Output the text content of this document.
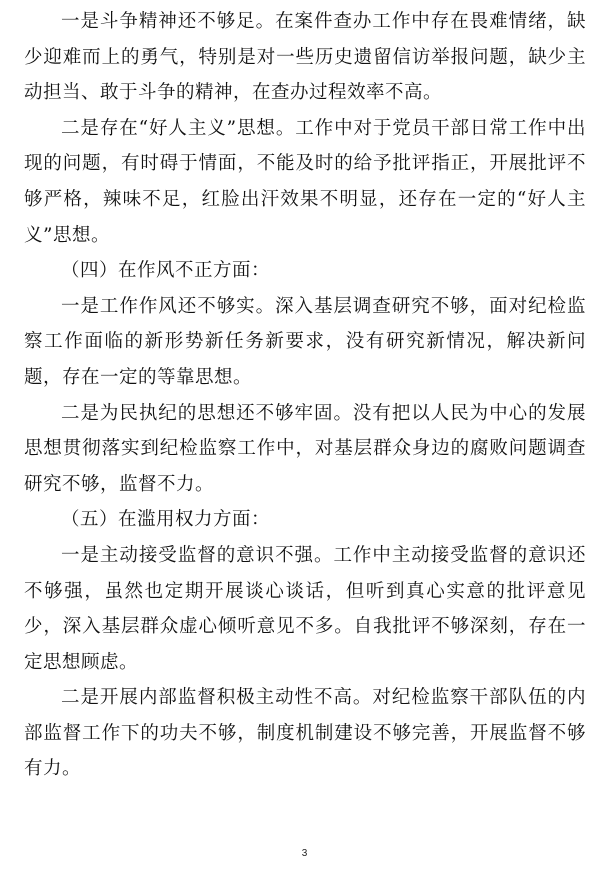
一是斗争精神还不够足。在案件查办工作中存在畏难情绪，缺少迎难而上的勇气，特别是对一些历史遗留信访举报问题，缺少主动担当、敢于斗争的精神，在查办过程效率不高。

二是存在“好人主义”思想。工作中对于党员干部日常工作中出现的问题，有时碍于情面，不能及时的给予批评指正，开展批评不够严格，辣味不足，红脸出汗效果不明显，还存在一定的“好人主义”思想。

（四）在作风不正方面：

一是工作作风还不够实。深入基层调查研究不够，面对纪检监察工作面临的新形势新任务新要求，没有研究新情况，解决新问题，存在一定的等靠思想。

二是为民执纪的思想还不够牢固。没有把以人民为中心的发展思想贯彻落实到纪检监察工作中，对基层群众身边的腐败问题调查研究不够，监督不力。

（五）在滥用权力方面：

一是主动接受监督的意识不强。工作中主动接受监督的意识还不够强，虽然也定期开展谈心谈话，但听到真心实意的批评意见少，深入基层群众虚心倾听意见不多。自我批评不够深刻，存在一定思想顾虑。

二是开展内部监督积极主动性不高。对纪检监察干部队伍的内部监督工作下的功夫不够，制度机制建设不够完善，开展监督不够有力。

3
